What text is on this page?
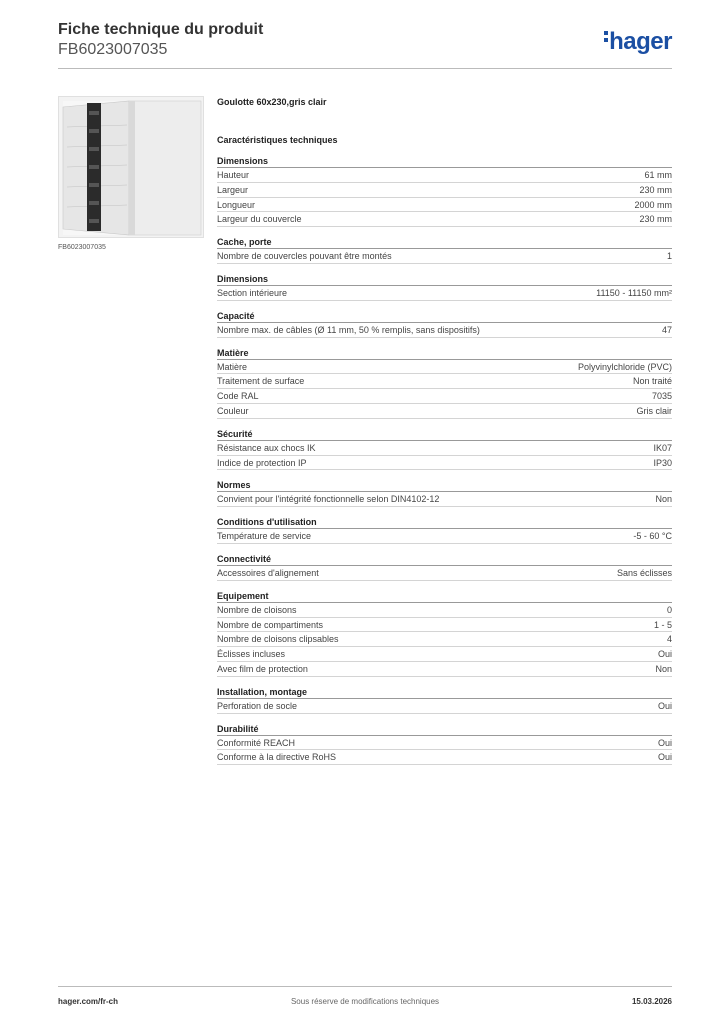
Fiche technique du produit
FB6023007035	hager
FB6023007035
Goulotte 60x230,gris clair
Caractéristiques techniques
Dimensions
Hauteur	61 mm
Largeur	230 mm
Longueur	2000 mm
Largeur du couvercle	230 mm
Cache, porte
Nombre de couvercles pouvant être montés	1
Dimensions
Section intérieure	11150 - 11150 mm²
Capacité
Nombre max. de câbles (Ø 11 mm, 50 % remplis, sans dispositifs)	47
Matière
Matière	Polyvinylchloride (PVC)
Traitement de surface	Non traité
Code RAL	7035
Couleur	Gris clair
Sécurité
Résistance aux chocs IK	IK07
Indice de protection IP	IP30
Normes
Convient pour l'intégrité fonctionnelle selon DIN4102-12	Non
Conditions d'utilisation
Température de service	-5 - 60 °C
Connectivité
Accessoires d'alignement	Sans éclisses
Equipement
Nombre de cloisons	0
Nombre de compartiments	1 - 5
Nombre de cloisons clipsables	4
Éclisses incluses	Oui
Avec film de protection	Non
Installation, montage
Perforation de socle	Oui
Durabilité
Conformité REACH	Oui
Conforme à la directive RoHS	Oui
hager.com/fr-ch	Sous réserve de modifications techniques	15.03.2026
